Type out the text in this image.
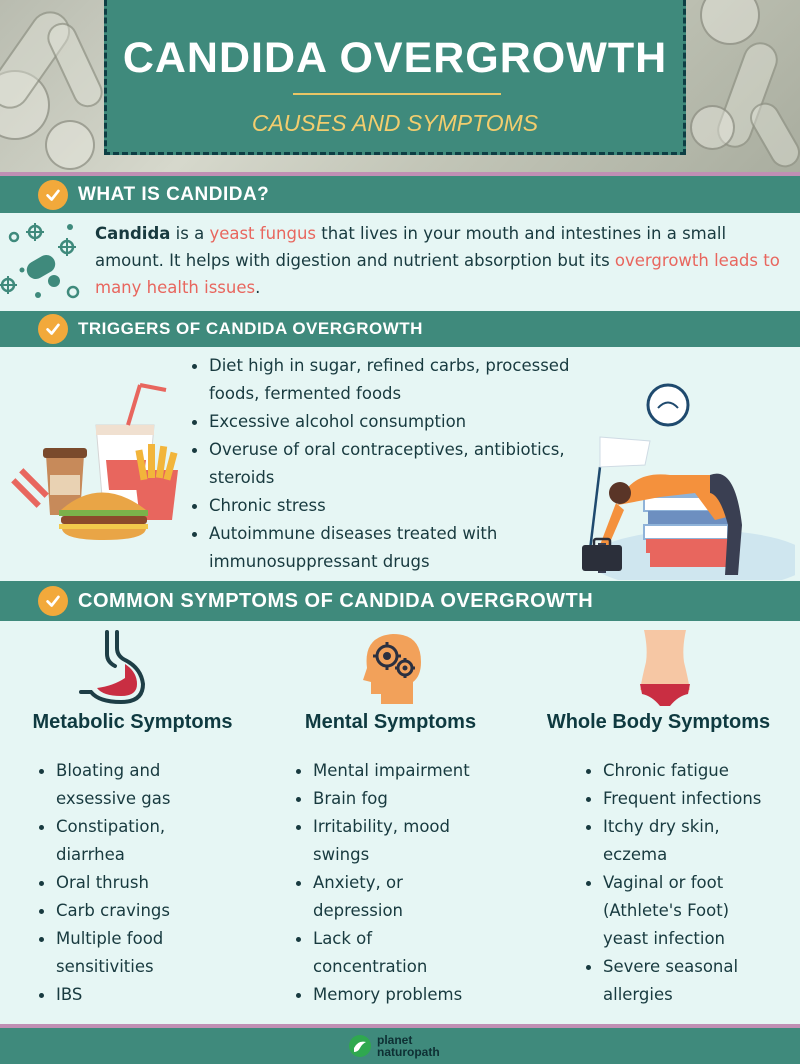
CANDIDA OVERGROWTH
CAUSES AND SYMPTOMS
WHAT IS CANDIDA?
Candida is a yeast fungus that lives in your mouth and intestines in a small amount. It helps with digestion and nutrient absorption but its overgrowth leads to many health issues.
TRIGGERS OF CANDIDA OVERGROWTH
Diet high in sugar, refined carbs, processed foods, fermented foods
Excessive alcohol consumption
Overuse of oral contraceptives, antibiotics, steroids
Chronic stress
Autoimmune diseases treated with immunosuppressant drugs
COMMON SYMPTOMS OF CANDIDA OVERGROWTH
Metabolic Symptoms	Mental Symptoms	Whole Body Symptoms
Bloating and exsessive gas
Constipation, diarrhea
Oral thrush
Carb cravings
Multiple food sensitivities
IBS
Mental impairment
Brain fog
Irritability, mood swings
Anxiety, or depression
Lack of concentration
Memory problems
Chronic fatigue
Frequent infections
Itchy dry skin, eczema
Vaginal or foot (Athlete's Foot) yeast infection
Severe seasonal allergies
planet
naturopath
